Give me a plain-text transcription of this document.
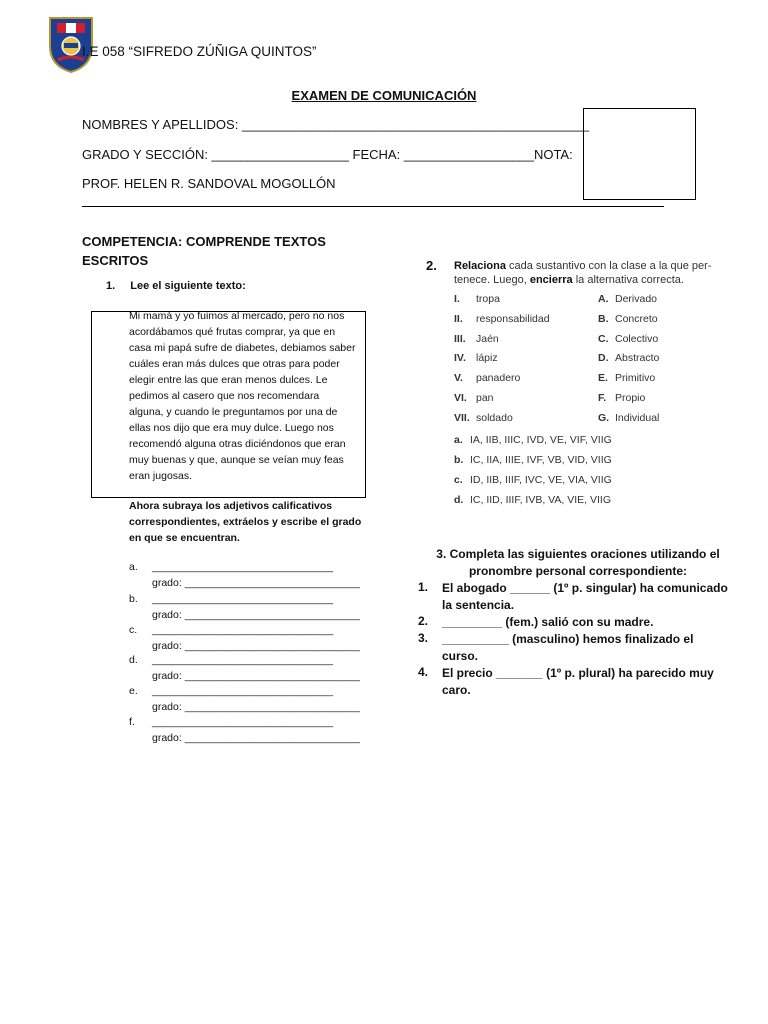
I.E 058 “SIFREDO ZÚÑIGA QUINTOS”
EXAMEN DE COMUNICACIÓN
NOMBRES Y APELLIDOS: ________________________________________________
GRADO Y SECCIÓN: ___________________ FECHA: __________________NOTA:
PROF. HELEN R. SANDOVAL MOGOLLÓN
COMPETENCIA: COMPRENDE TEXTOS ESCRITOS
1. Lee el siguiente texto:
Mi mamá y yo fuimos al mercado, pero no nos
acordábamos qué frutas comprar, ya que en
casa mi papá sufre de diabetes, debiamos saber
cuáles eran más dulces que otras para poder
elegir entre las que eran menos dulces. Le
pedimos al casero que nos recomendara
alguna, y cuando le preguntamos por una de
ellas nos dijo que era muy dulce. Luego nos
recomendó alguna otras diciéndonos que eran
muy buenas y que, aunque se veían muy feas
eran jugosas.
Ahora subraya los adjetivos calificativos
correspondientes, extráelos y escribe el grado
en que se encuentran.
a. _______________________________
grado: ______________________________
b. _______________________________
grado: ______________________________
c. _______________________________
grado: ______________________________
d. _______________________________
grado: ______________________________
e. _______________________________
grado: ______________________________
f. _______________________________
grado: ______________________________
2. Relaciona cada sustantivo con la clase a la que per-
tenece. Luego, encierra la alternativa correcta.
I. tropa	A. Derivado
II. responsabilidad	B. Concreto
III. Jaén	C. Colectivo
IV. lápiz	D. Abstracto
V. panadero	E. Primitivo
VI. pan	F. Propio
VII. soldado	G. Individual
a. IA, IIB, IIIC, IVD, VE, VIF, VIIG
b. IC, IIA, IIIE, IVF, VB, VID, VIIG
c. ID, IIB, IIIF, IVC, VE, VIA, VIIG
d. IC, IID, IIIF, IVB, VA, VIE, VIIG
3. Completa las siguientes oraciones utilizando el
pronombre personal correspondiente:
1. El abogado ______ (1º p. singular) ha comunicado
la sentencia.
2. _________ (fem.) salió con su madre.
3. __________ (masculino) hemos finalizado el
curso.
4. El precio _______ (1º p. plural) ha parecido muy
caro.
